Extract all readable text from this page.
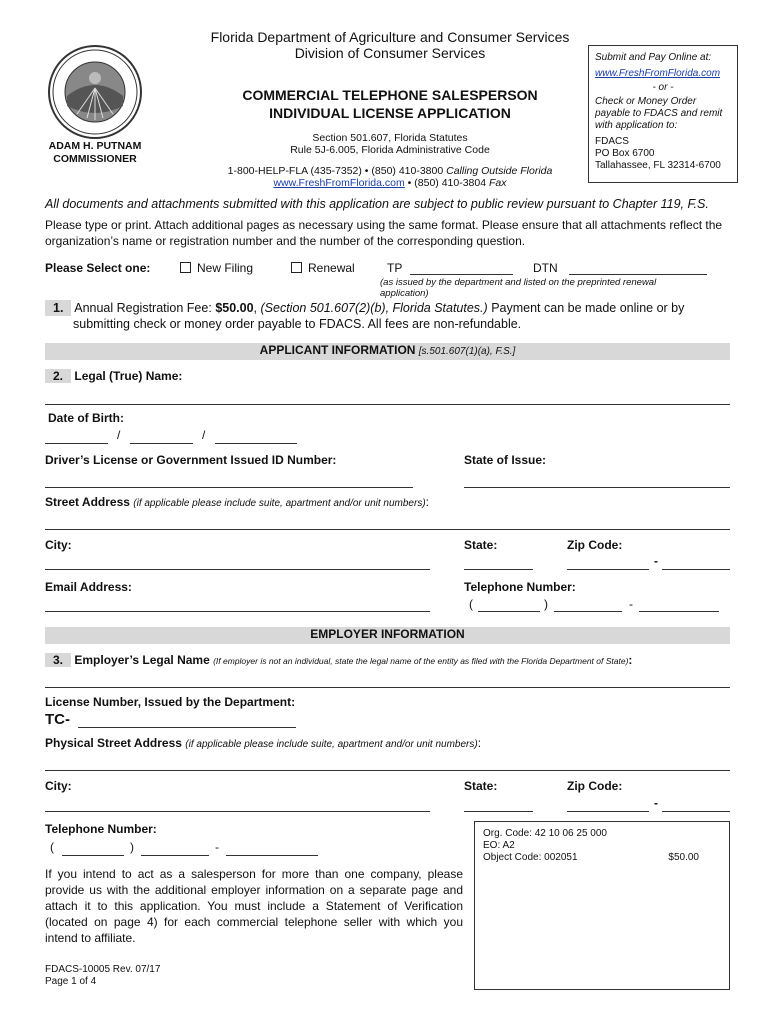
ADAM H. PUTNAM
COMMISSIONER
Florida Department of Agriculture and Consumer Services
Division of Consumer Services
COMMERCIAL TELEPHONE SALESPERSON
INDIVIDUAL LICENSE APPLICATION
Section 501.607, Florida Statutes
Rule 5J-6.005, Florida Administrative Code
1-800-HELP-FLA (435-7352) • (850) 410-3800 Calling Outside Florida
www.FreshFromFlorida.com • (850) 410-3804 Fax
Submit and Pay Online at:
www.FreshFromFlorida.com
- or -
Check or Money Order payable to FDACS and remit with application to:
FDACS
PO Box 6700
Tallahassee, FL 32314-6700
All documents and attachments submitted with this application are subject to public review pursuant to Chapter 119, F.S.
Please type or print. Attach additional pages as necessary using the same format. Please ensure that all attachments reflect the organization’s name or registration number and the number of the corresponding question.
Please Select one:	New Filing	Renewal	TP	DTN
(as issued by the department and listed on the preprinted renewal application)
1. Annual Registration Fee: $50.00, (Section 501.607(2)(b), Florida Statutes.) Payment can be made online or by
submitting check or money order payable to FDACS. All fees are non-refundable.
APPLICANT INFORMATION [s.501.607(1)(a), F.S.]
2. Legal (True) Name:
Date of Birth:
/	/
Driver’s License or Government Issued ID Number:	State of Issue:
Street Address (if applicable please include suite, apartment and/or unit numbers):
City:	State:	Zip Code:
-
Email Address:	Telephone Number:
(	)	-
EMPLOYER INFORMATION
3. Employer’s Legal Name (If employer is not an individual, state the legal name of the entity as filed with the Florida Department of State):
License Number, Issued by the Department:
TC-
Physical Street Address (if applicable please include suite, apartment and/or unit numbers):
City:	State:	Zip Code:
-
Telephone Number:
(	)	-
If you intend to act as a salesperson for more than one company, please provide us with the additional employer information on a separate page and attach it to this application. You must include a Statement of Verification (located on page 4) for each commercial telephone seller with which you intend to affiliate.
Org. Code: 42 10 06 25 000
EO: A2
Object Code: 002051	$50.00
FDACS-10005 Rev. 07/17
Page 1 of 4
